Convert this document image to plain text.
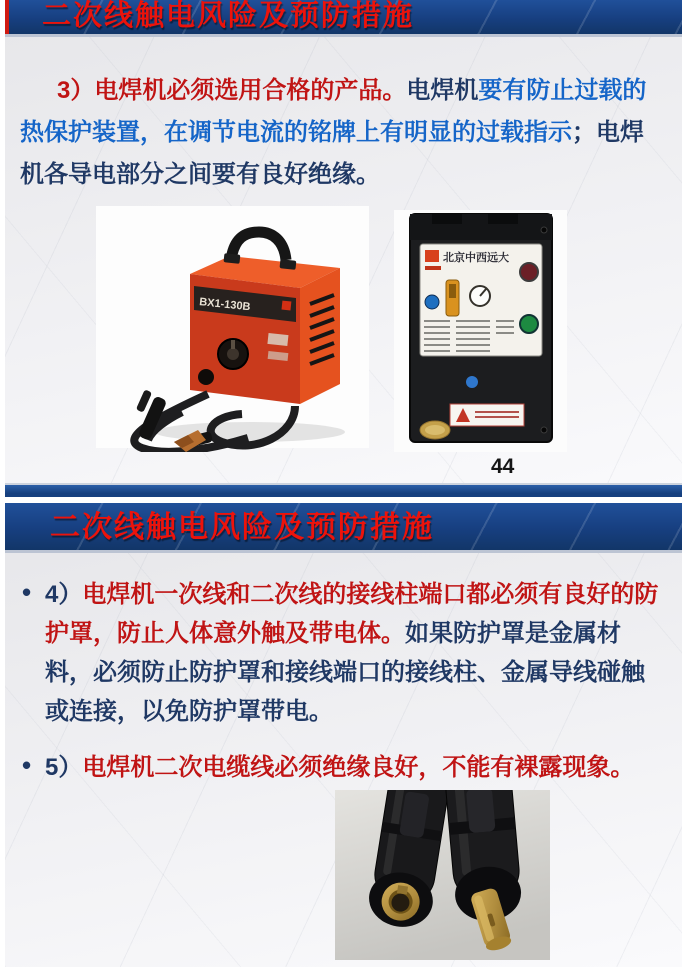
二次线触电风险及预防措施

3）电焊机必须选用合格的产品。电焊机要有防止过载的热保护装置，在调节电流的铭牌上有明显的过载指示；电焊机各导电部分之间要有良好绝缘。

BX1-130B
北京中西远大
44
二次线触电风险及预防措施
• 4）电焊机一次线和二次线的接线柱端口都必须有良好的防护罩，防止人体意外触及带电体。如果防护罩是金属材料，必须防止防护罩和接线端口的接线柱、金属导线碰触或连接，以免防护罩带电。
• 5）电焊机二次电缆线必须绝缘良好，不能有裸露现象。
